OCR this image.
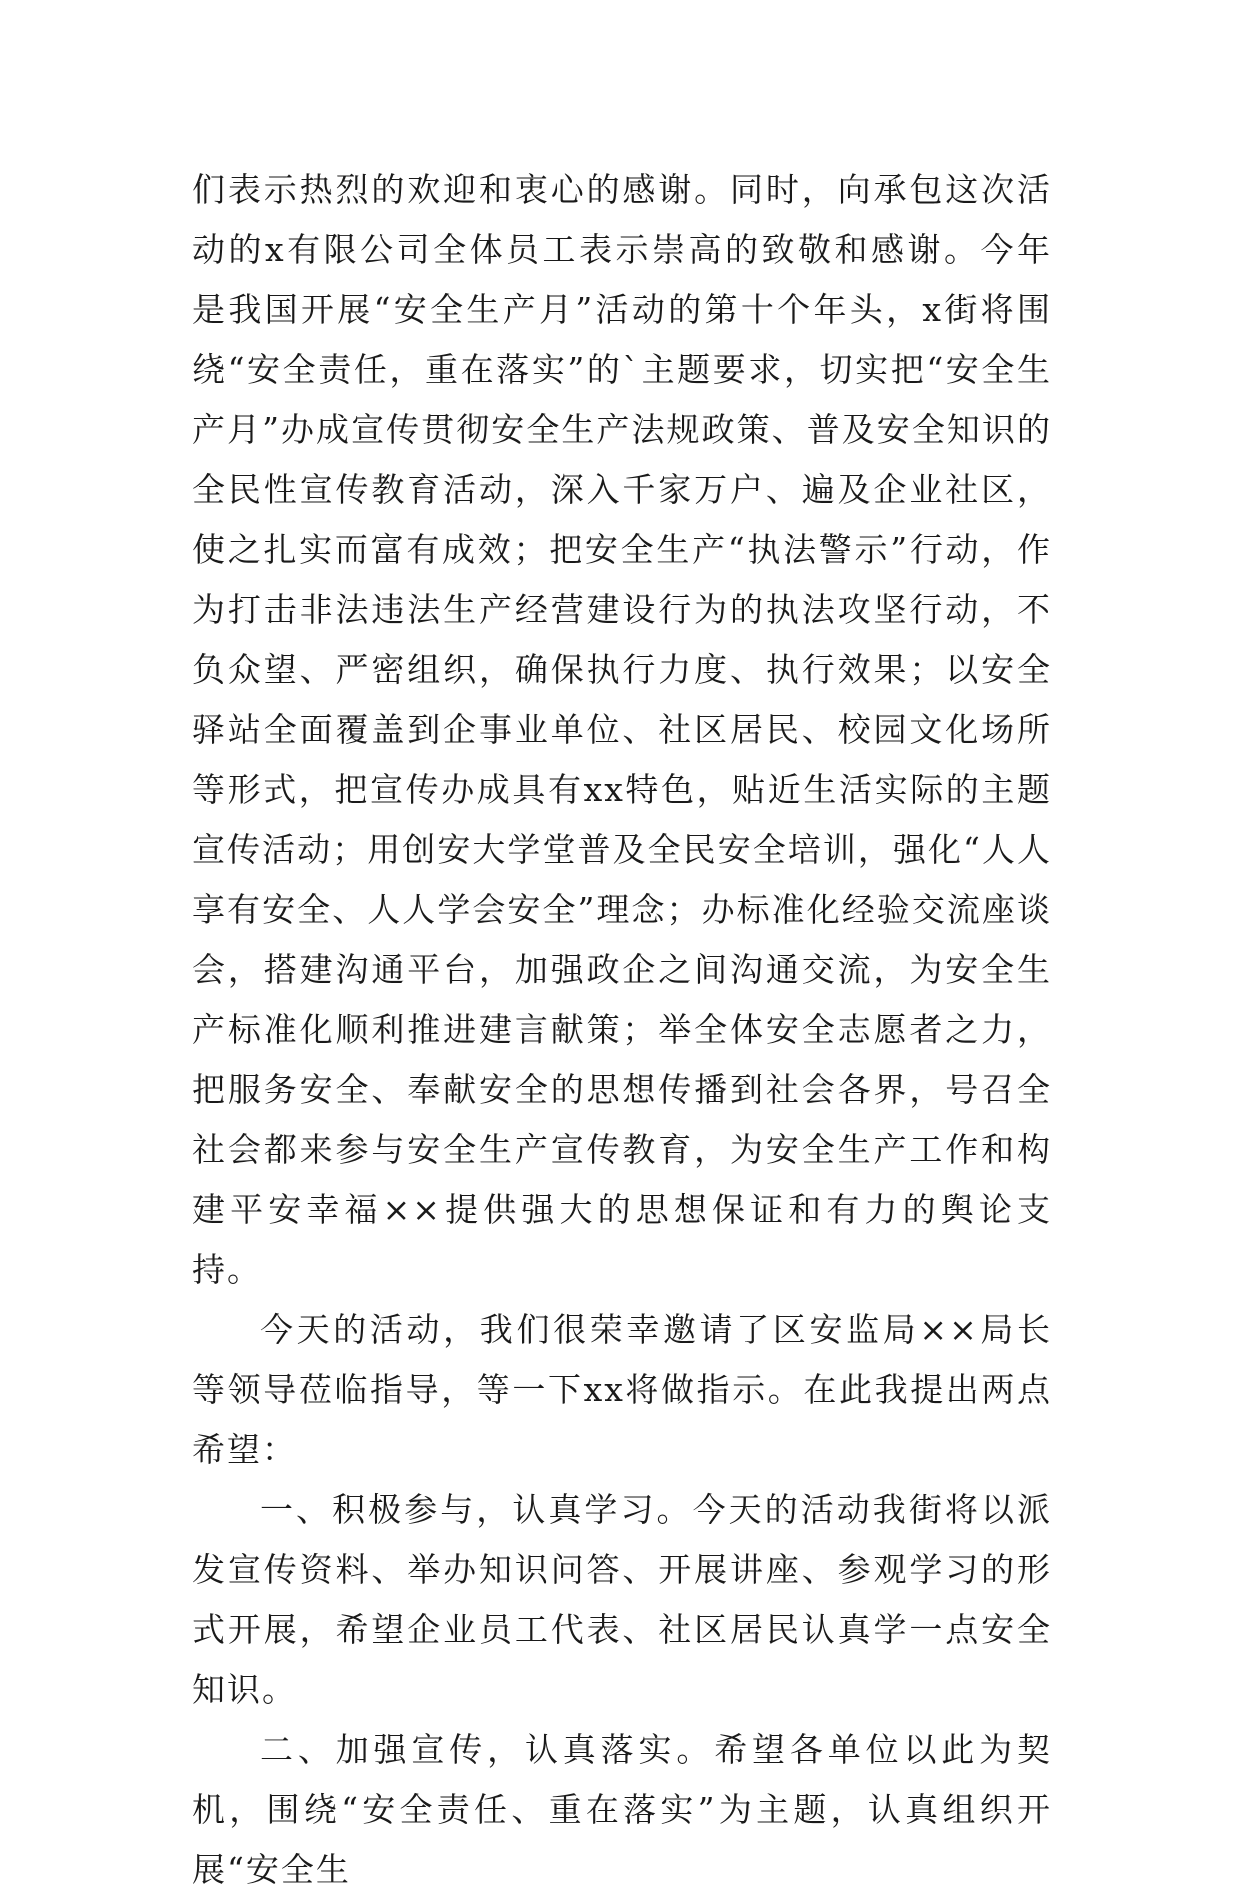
们表示热烈的欢迎和衷心的感谢。同时，向承包这次活动的x有限公司全体员工表示崇高的致敬和感谢。今年是我国开展“安全生产月”活动的第十个年头，x街将围绕“安全责任，重在落实”的`主题要求，切实把“安全生产月”办成宣传贯彻安全生产法规政策、普及安全知识的全民性宣传教育活动，深入千家万户、遍及企业社区，使之扎实而富有成效；把安全生产“执法警示”行动，作为打击非法违法生产经营建设行为的执法攻坚行动，不负众望、严密组织，确保执行力度、执行效果；以安全驿站全面覆盖到企事业单位、社区居民、校园文化场所等形式，把宣传办成具有xx特色，贴近生活实际的主题宣传活动；用创安大学堂普及全民安全培训，强化“人人享有安全、人人学会安全”理念；办标准化经验交流座谈会，搭建沟通平台，加强政企之间沟通交流，为安全生产标准化顺利推进建言献策；举全体安全志愿者之力，把服务安全、奉献安全的思想传播到社会各界，号召全社会都来参与安全生产宣传教育，为安全生产工作和构建平安幸福××提供强大的思想保证和有力的舆论支持。

今天的活动，我们很荣幸邀请了区安监局××局长等领导莅临指导，等一下xx将做指示。在此我提出两点希望：

一、积极参与，认真学习。今天的活动我街将以派发宣传资料、举办知识问答、开展讲座、参观学习的形式开展，希望企业员工代表、社区居民认真学一点安全知识。

二、加强宣传，认真落实。希望各单位以此为契机，围绕“安全责任、重在落实”为主题，认真组织开展“安全生
